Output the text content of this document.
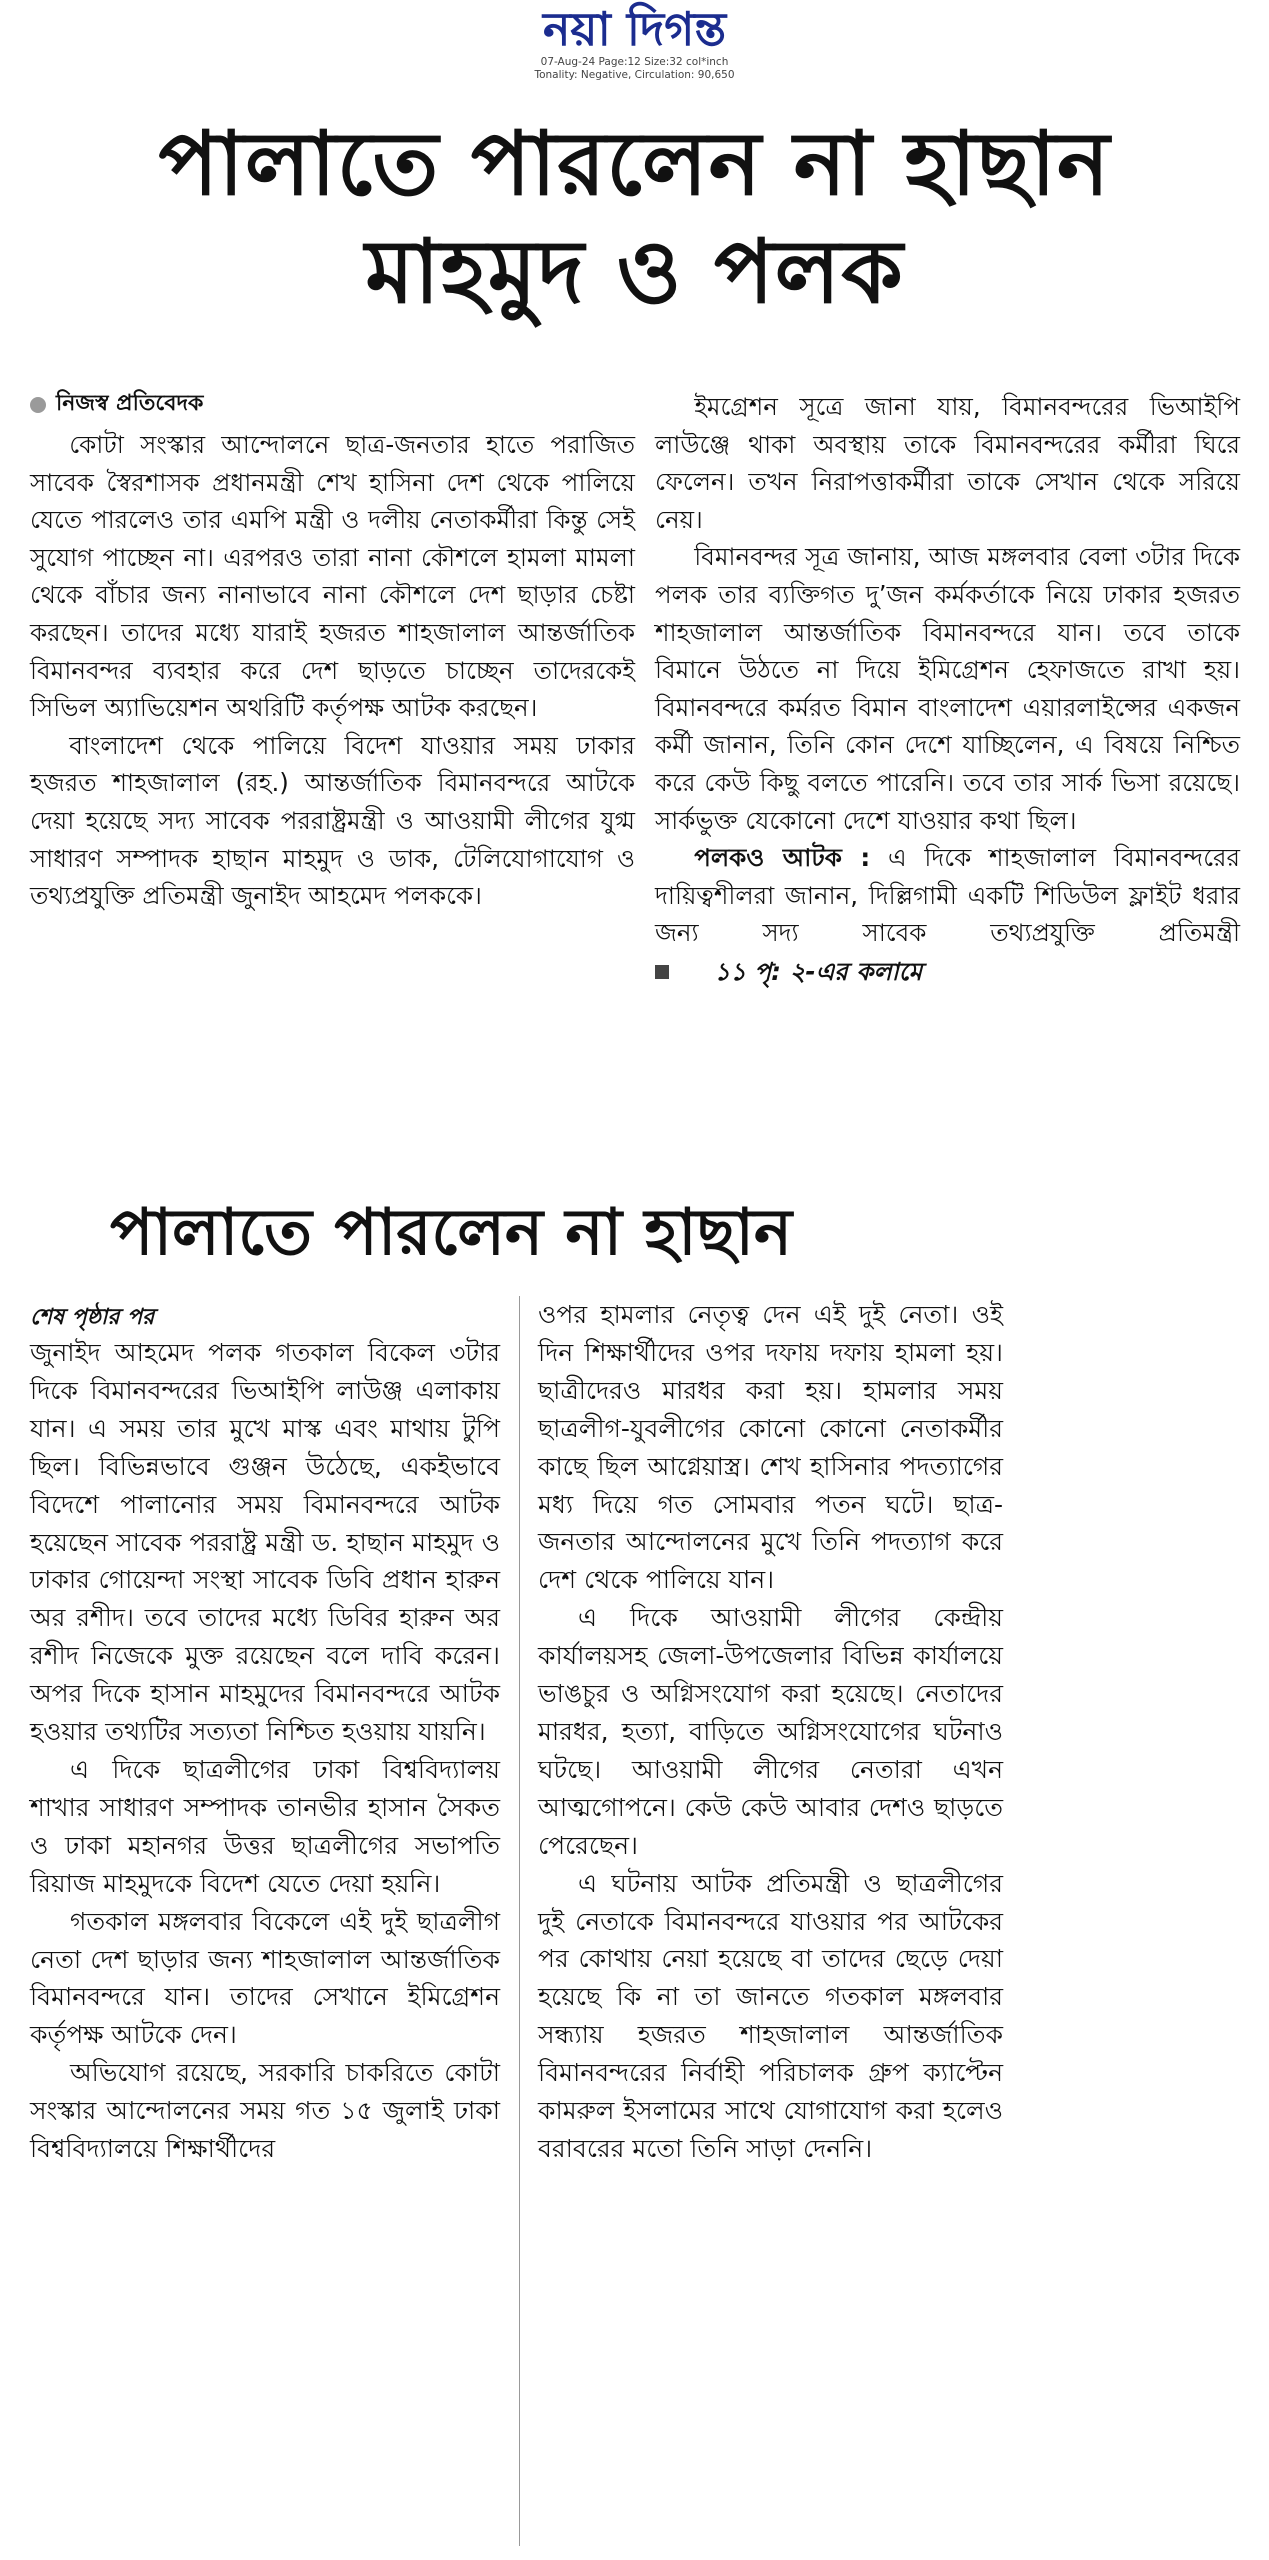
নয়া দিগন্ত
07-Aug-24 Page:12 Size:32 col*inch
Tonality: Negative, Circulation: 90,650
পালাতে পারলেন না হাছান
মাহমুদ ও পলক
নিজস্ব প্রতিবেদক

কোটা সংস্কার আন্দোলনে ছাত্র-জনতার হাতে পরাজিত সাবেক স্বৈরশাসক প্রধানমন্ত্রী শেখ হাসিনা দেশ থেকে পালিয়ে যেতে পারলেও তার এমপি মন্ত্রী ও দলীয় নেতাকর্মীরা কিন্তু সেই সুযোগ পাচ্ছেন না। এরপরও তারা নানা কৌশলে হামলা মামলা থেকে বাঁচার জন্য নানাভাবে নানা কৌশলে দেশ ছাড়ার চেষ্টা করছেন। তাদের মধ্যে যারাই হজরত শাহজালাল আন্তর্জাতিক বিমানবন্দর ব্যবহার করে দেশ ছাড়তে চাচ্ছেন তাদেরকেই সিভিল অ্যাভিয়েশন অথরিটি কর্তৃপক্ষ আটক করছেন।

বাংলাদেশ থেকে পালিয়ে বিদেশ যাওয়ার সময় ঢাকার হজরত শাহজালাল (রহ.) আন্তর্জাতিক বিমানবন্দরে আটকে দেয়া হয়েছে সদ্য সাবেক পররাষ্ট্রমন্ত্রী ও আওয়ামী লীগের যুগ্ম সাধারণ সম্পাদক হাছান মাহমুদ ও ডাক, টেলিযোগাযোগ ও তথ্যপ্রযুক্তি প্রতিমন্ত্রী জুনাইদ আহমেদ পলককে।

ইমগ্রেশন সূত্রে জানা যায়, বিমানবন্দরের ভিআইপি লাউঞ্জে থাকা অবস্থায় তাকে বিমানবন্দরের কর্মীরা ঘিরে ফেলেন। তখন নিরাপত্তাকর্মীরা তাকে সেখান থেকে সরিয়ে নেয়।

বিমানবন্দর সূত্র জানায়, আজ মঙ্গলবার বেলা ৩টার দিকে পলক তার ব্যক্তিগত দু’জন কর্মকর্তাকে নিয়ে ঢাকার হজরত শাহজালাল আন্তর্জাতিক বিমানবন্দরে যান। তবে তাকে বিমানে উঠতে না দিয়ে ইমিগ্রেশন হেফাজতে রাখা হয়। বিমানবন্দরে কর্মরত বিমান বাংলাদেশ এয়ারলাইন্সের একজন কর্মী জানান, তিনি কোন দেশে যাচ্ছিলেন, এ বিষয়ে নিশ্চিত করে কেউ কিছু বলতে পারেনি। তবে তার সার্ক ভিসা রয়েছে। সার্কভুক্ত যেকোনো দেশে যাওয়ার কথা ছিল।

পলকও আটক : এ দিকে শাহজালাল বিমানবন্দরের দায়িত্বশীলরা জানান, দিল্লিগামী একটি শিডিউল ফ্লাইট ধরার জন্য সদ্য সাবেক তথ্যপ্রযুক্তি প্রতিমন্ত্রী
১১ পৃ: ২-এর কলামে

পালাতে পারলেন না হাছান
শেষ পৃষ্ঠার পর

জুনাইদ আহমেদ পলক গতকাল বিকেল ৩টার দিকে বিমানবন্দরের ভিআইপি লাউঞ্জ এলাকায় যান। এ সময় তার মুখে মাস্ক এবং মাথায় টুপি ছিল। বিভিন্নভাবে গুঞ্জন উঠেছে, একইভাবে বিদেশে পালানোর সময় বিমানবন্দরে আটক হয়েছেন সাবেক পররাষ্ট্র মন্ত্রী ড. হাছান মাহমুদ ও ঢাকার গোয়েন্দা সংস্থা সাবেক ডিবি প্রধান হারুন অর রশীদ। তবে তাদের মধ্যে ডিবির হারুন অর রশীদ নিজেকে মুক্ত রয়েছেন বলে দাবি করেন। অপর দিকে হাসান মাহমুদের বিমানবন্দরে আটক হওয়ার তথ্যটির সত্যতা নিশ্চিত হওয়ায় যায়নি।

এ দিকে ছাত্রলীগের ঢাকা বিশ্ববিদ্যালয় শাখার সাধারণ সম্পাদক তানভীর হাসান সৈকত ও ঢাকা মহানগর উত্তর ছাত্রলীগের সভাপতি রিয়াজ মাহমুদকে বিদেশ যেতে দেয়া হয়নি।

গতকাল মঙ্গলবার বিকেলে এই দুই ছাত্রলীগ নেতা দেশ ছাড়ার জন্য শাহজালাল আন্তর্জাতিক বিমানবন্দরে যান। তাদের সেখানে ইমিগ্রেশন কর্তৃপক্ষ আটকে দেন।

অভিযোগ রয়েছে, সরকারি চাকরিতে কোটা সংস্কার আন্দোলনের সময় গত ১৫ জুলাই ঢাকা বিশ্ববিদ্যালয়ে শিক্ষার্থীদের

ওপর হামলার নেতৃত্ব দেন এই দুই নেতা। ওই দিন শিক্ষার্থীদের ওপর দফায় দফায় হামলা হয়। ছাত্রীদেরও মারধর করা হয়। হামলার সময় ছাত্রলীগ-যুবলীগের কোনো কোনো নেতাকর্মীর কাছে ছিল আগ্নেয়াস্ত্র। শেখ হাসিনার পদত্যাগের মধ্য দিয়ে গত সোমবার পতন ঘটে। ছাত্র-জনতার আন্দোলনের মুখে তিনি পদত্যাগ করে দেশ থেকে পালিয়ে যান।

এ দিকে আওয়ামী লীগের কেন্দ্রীয় কার্যালয়সহ জেলা-উপজেলার বিভিন্ন কার্যালয়ে ভাঙচুর ও অগ্নিসংযোগ করা হয়েছে। নেতাদের মারধর, হত্যা, বাড়িতে অগ্নিসংযোগের ঘটনাও ঘটছে। আওয়ামী লীগের নেতারা এখন আত্মগোপনে। কেউ কেউ আবার দেশও ছাড়তে পেরেছেন।

এ ঘটনায় আটক প্রতিমন্ত্রী ও ছাত্রলীগের দুই নেতাকে বিমানবন্দরে যাওয়ার পর আটকের পর কোথায় নেয়া হয়েছে বা তাদের ছেড়ে দেয়া হয়েছে কি না তা জানতে গতকাল মঙ্গলবার সন্ধ্যায় হজরত শাহজালাল আন্তর্জাতিক বিমানবন্দরের নির্বাহী পরিচালক গ্রুপ ক্যাপ্টেন কামরুল ইসলামের সাথে যোগাযোগ করা হলেও বরাবরের মতো তিনি সাড়া দেননি।
